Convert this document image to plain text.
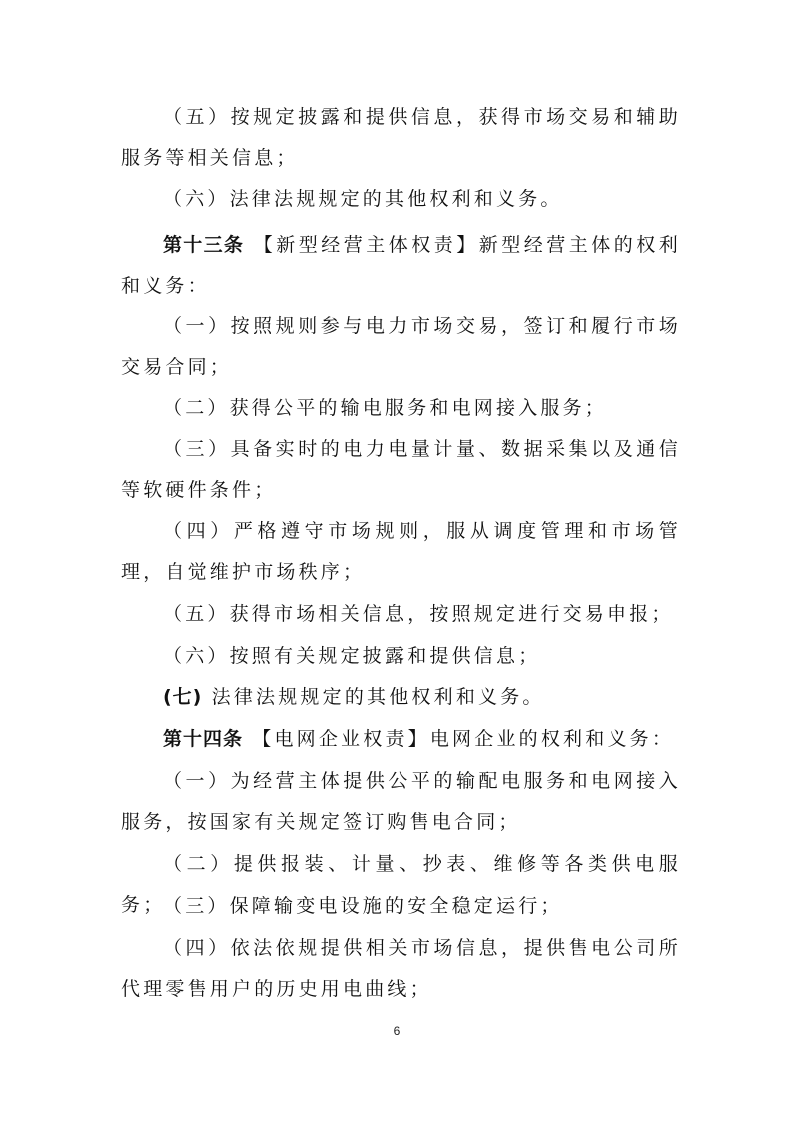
（五）按规定披露和提供信息，获得市场交易和辅助服务等相关信息；

（六）法律法规规定的其他权利和义务。

第十三条 【新型经营主体权责】新型经营主体的权利和义务：

（一）按照规则参与电力市场交易，签订和履行市场交易合同；

（二）获得公平的输电服务和电网接入服务；

（三）具备实时的电力电量计量、数据采集以及通信等软硬件条件；

（四）严格遵守市场规则，服从调度管理和市场管理，自觉维护市场秩序；

（五）获得市场相关信息，按照规定进行交易申报；

（六）按照有关规定披露和提供信息；

(七) 法律法规规定的其他权利和义务。

第十四条 【电网企业权责】电网企业的权利和义务：

（一）为经营主体提供公平的输配电服务和电网接入服务，按国家有关规定签订购售电合同；

（二）提供报装、计量、抄表、维修等各类供电服务；

（三）保障输变电设施的安全稳定运行；

（四）依法依规提供相关市场信息，提供售电公司所代理零售用户的历史用电曲线；

6
